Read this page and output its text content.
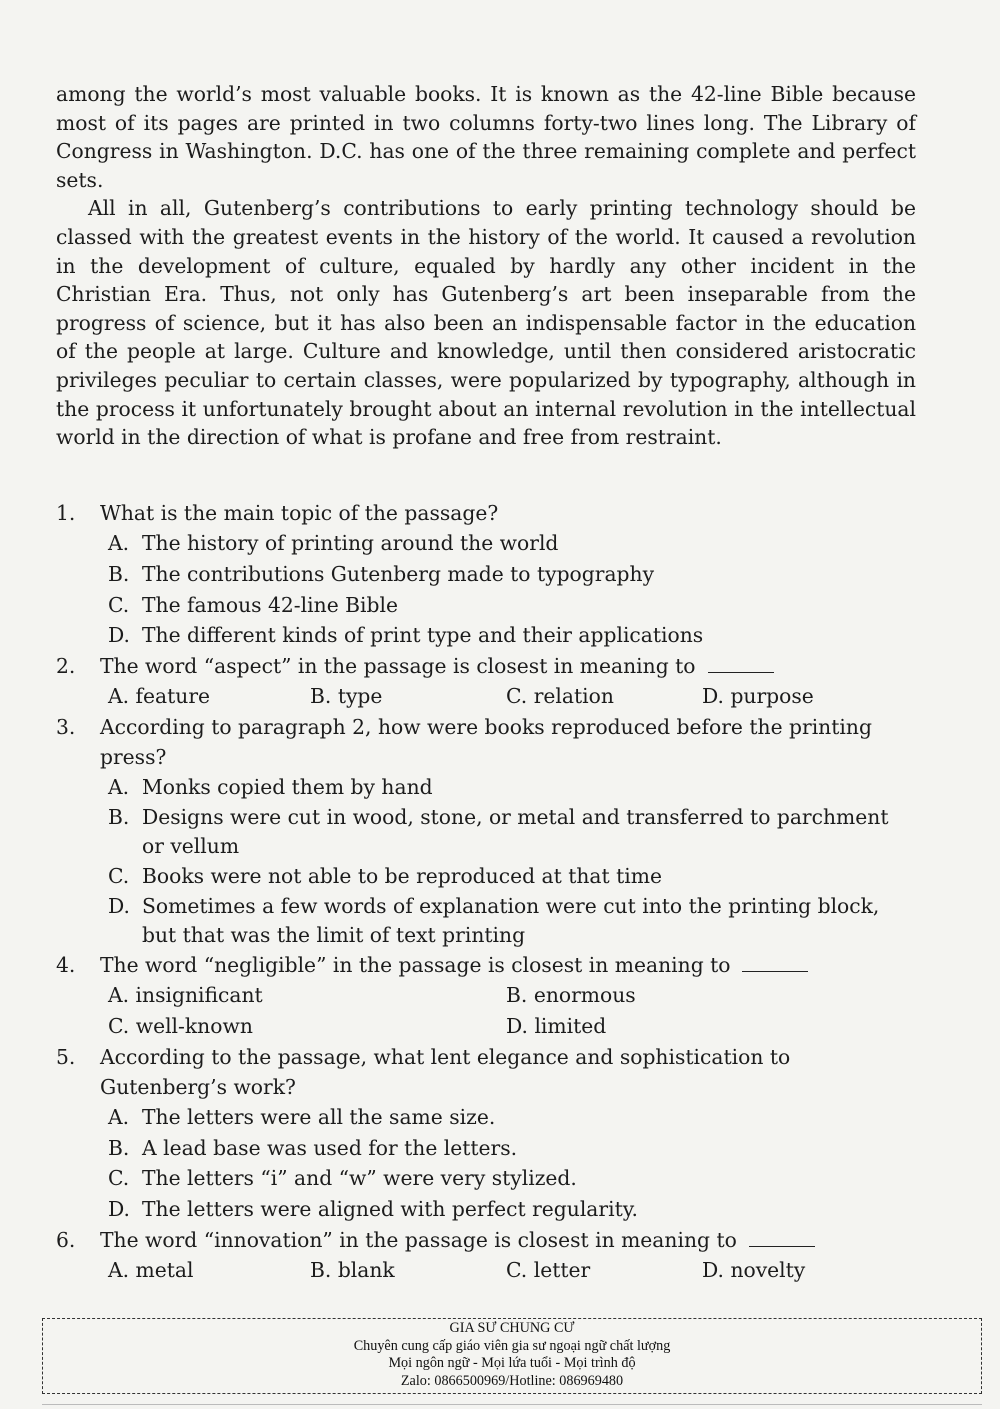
among the world’s most valuable books. It is known as the 42-line Bible because most of its pages are printed in two columns forty-two lines long. The Library of Congress in Washington. D.C. has one of the three remaining complete and perfect sets.

All in all, Gutenberg’s contributions to early printing technology should be classed with the greatest events in the history of the world. It caused a revolution in the development of culture, equaled by hardly any other incident in the Christian Era. Thus, not only has Gutenberg’s art been inseparable from the progress of science, but it has also been an indispensable factor in the education of the people at large. Culture and knowledge, until then considered aristocratic privileges peculiar to certain classes, were popularized by typography, although in the process it unfortunately brought about an internal revolution in the intellectual world in the direction of what is profane and free from restraint.

1.	What is the main topic of the passage?
A. The history of printing around the world
B. The contributions Gutenberg made to typography
C. The famous 42-line Bible
D. The different kinds of print type and their applications
2.	The word “aspect” in the passage is closest in meaning to
A. feature	B. type	C. relation	D. purpose
3.	According to paragraph 2, how were books reproduced before the printing press?
A. Monks copied them by hand
B. Designs were cut in wood, stone, or metal and transferred to parchment or vellum
C. Books were not able to be reproduced at that time
D. Sometimes a few words of explanation were cut into the printing block, but that was the limit of text printing
4.	The word “negligible” in the passage is closest in meaning to
A. insignificant	B. enormous
C. well-known	D. limited
5.	According to the passage, what lent elegance and sophistication to Gutenberg’s work?
A. The letters were all the same size.
B. A lead base was used for the letters.
C. The letters “i” and “w” were very stylized.
D. The letters were aligned with perfect regularity.
6.	The word “innovation” in the passage is closest in meaning to
A. metal	B. blank	C. letter	D. novelty
GIA SƯ CHUNG CƯ
Chuyên cung cấp giáo viên gia sư ngoại ngữ chất lượng
Mọi ngôn ngữ - Mọi lứa tuổi - Mọi trình độ
Zalo: 0866500969/Hotline: 086969480
